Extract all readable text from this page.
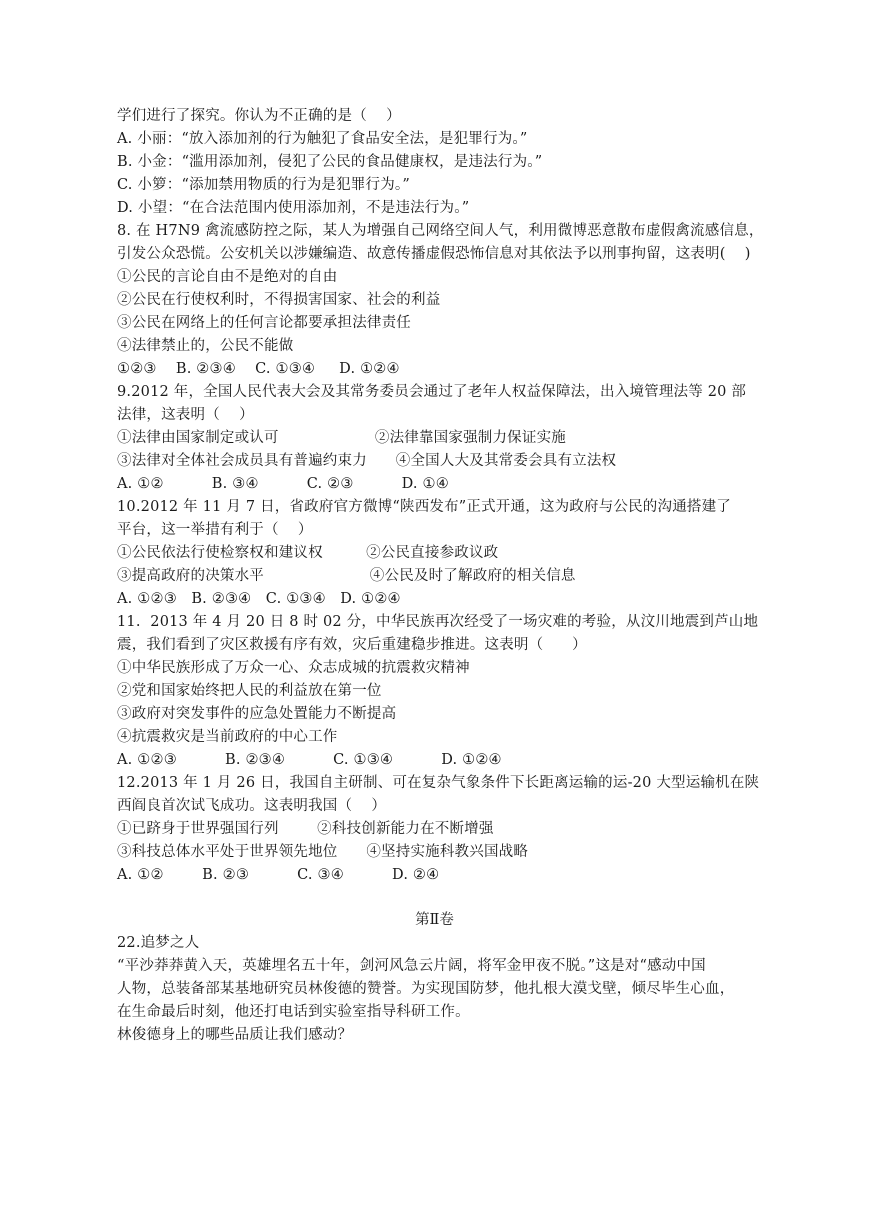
学们进行了探究。你认为不正确的是（    ）
A. 小丽：“放入添加剂的行为触犯了食品安全法，是犯罪行为。”
B. 小金：“滥用添加剂，侵犯了公民的食品健康权，是违法行为。”
C. 小箩：“添加禁用物质的行为是犯罪行为。”
D. 小望：“在合法范围内使用添加剂，不是违法行为。”
8. 在 H7N9 禽流感防控之际，某人为增强自己网络空间人气，利用微博恶意散布虚假禽流感信息，
引发公众恐慌。公安机关以涉嫌编造、故意传播虚假恐怖信息对其依法予以刑事拘留，这表明(    )
①公民的言论自由不是绝对的自由
②公民在行使权利时，不得损害国家、社会的利益
③公民在网络上的任何言论都要承担法律责任
④法律禁止的，公民不能做
①②③    B. ②③④    C. ①③④     D. ①②④
9.2012 年，全国人民代表大会及其常务委员会通过了老年人权益保障法，出入境管理法等 20 部
法律，这表明（    ）
①法律由国家制定或认可                    ②法律靠国家强制力保证实施
③法律对全体社会成员具有普遍约束力      ④全国人大及其常委会具有立法权
A. ①②          B. ③④          C. ②③          D. ①④
10.2012 年 11 月 7 日，省政府官方微博“陕西发布”正式开通，这为政府与公民的沟通搭建了
平台，这一举措有利于（    ）
①公民依法行使检察权和建议权         ②公民直接参政议政
③提高政府的决策水平                      ④公民及时了解政府的相关信息
A. ①②③   B. ②③④   C. ①③④   D. ①②④
11.  2013 年 4 月 20 日 8 时 02 分，中华民族再次经受了一场灾难的考验，从汶川地震到芦山地
震，我们看到了灾区救援有序有效，灾后重建稳步推进。这表明（      ）
①中华民族形成了万众一心、众志成城的抗震救灾精神
②党和国家始终把人民的利益放在第一位
③政府对突发事件的应急处置能力不断提高
④抗震救灾是当前政府的中心工作
A. ①②③          B. ②③④          C. ①③④          D. ①②④
12.2013 年 1 月 26 日，我国自主研制、可在复杂气象条件下长距离运输的运-20 大型运输机在陕
西阎良首次试飞成功。这表明我国（    ）
①已跻身于世界强国行列        ②科技创新能力在不断增强
③科技总体水平处于世界领先地位      ④坚持实施科教兴国战略
A. ①②        B. ②③          C. ③④          D. ②④
第Ⅱ卷
22.追梦之人
“平沙莽莽黄入天，英雄埋名五十年，剑河风急云片阔，将军金甲夜不脱。”这是对“感动中国
人物，总装备部某基地研究员林俊德的赞誉。为实现国防梦，他扎根大漠戈壁，倾尽毕生心血，
在生命最后时刻，他还打电话到实验室指导科研工作。
林俊德身上的哪些品质让我们感动？
